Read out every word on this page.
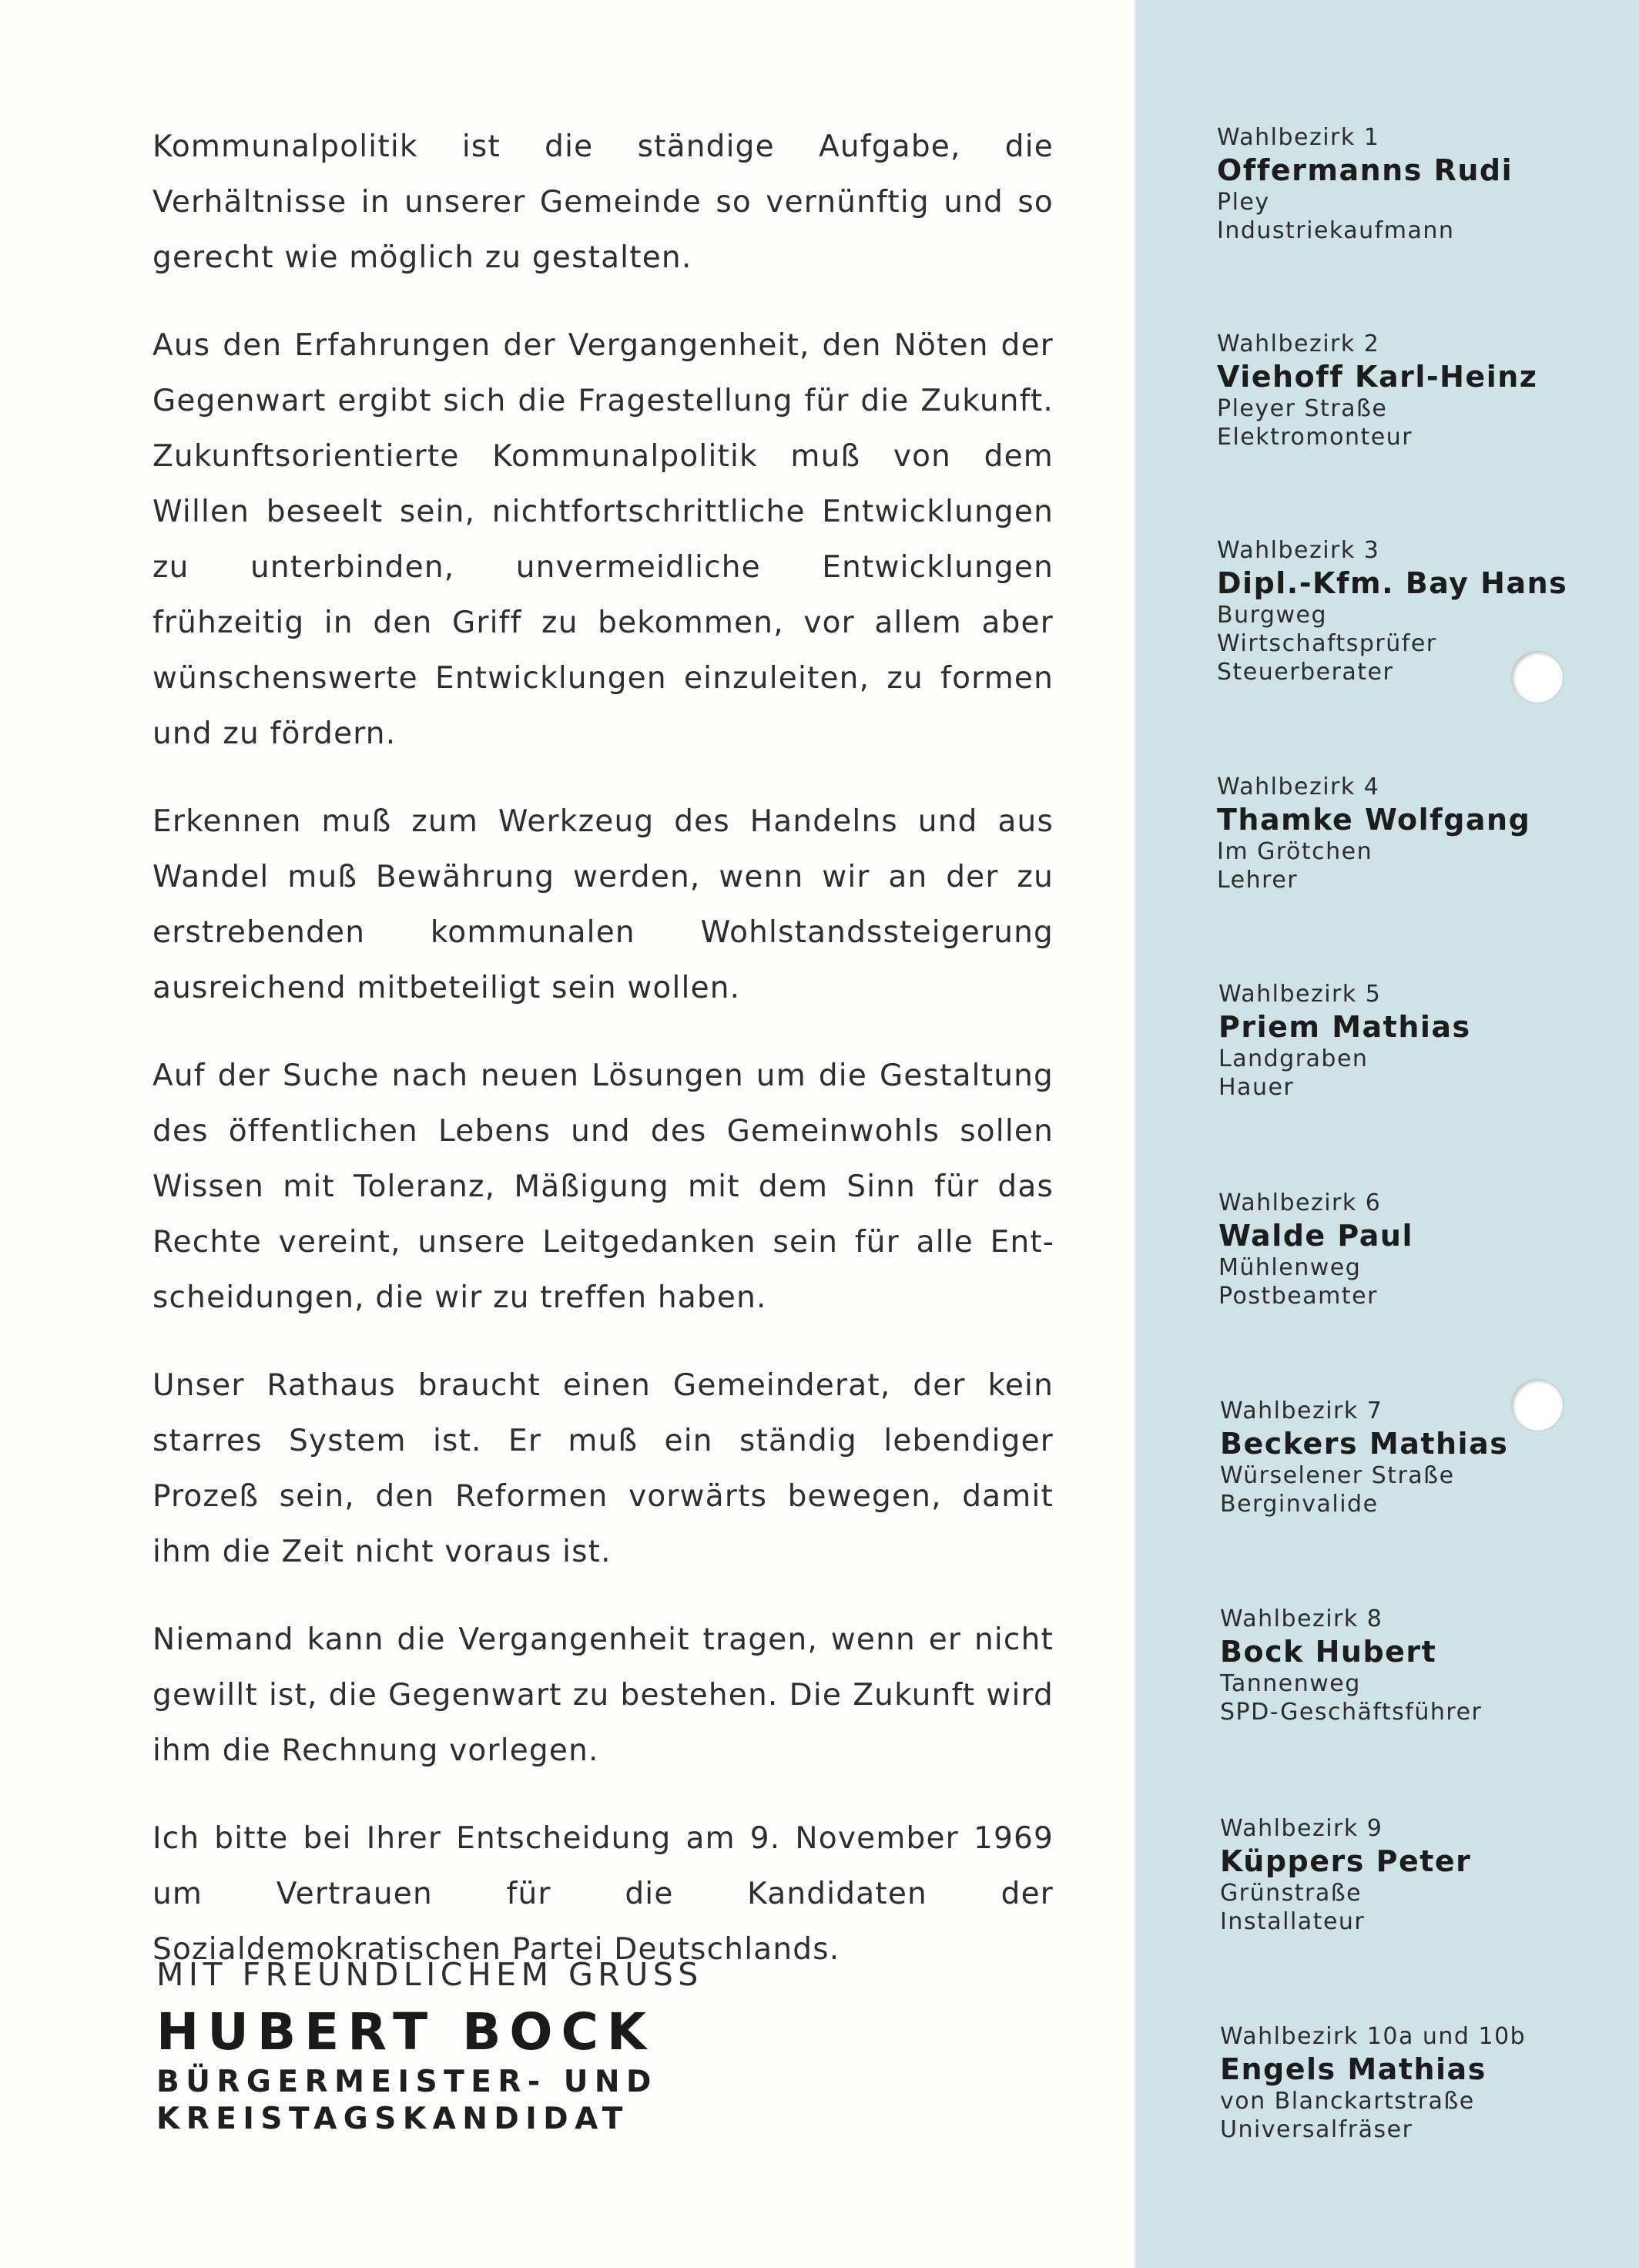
Kommunalpolitik ist die ständige Aufgabe, die Verhältnisse in unserer Gemeinde so vernünftig und so gerecht wie möglich zu gestalten.

Aus den Erfahrungen der Vergangenheit, den Nöten der Gegenwart ergibt sich die Fragestellung für die Zukunft. Zukunftsorientierte Kommunalpolitik muß von dem Willen beseelt sein, nichtfortschrittliche Entwicklungen zu unterbinden, unvermeidliche Entwicklungen frühzeitig in den Griff zu bekommen, vor allem aber wünschenswerte Entwicklungen einzuleiten, zu formen und zu fördern.

Erkennen muß zum Werkzeug des Handelns und aus Wandel muß Bewährung werden, wenn wir an der zu erstrebenden kommunalen Wohlstandssteigerung ausreichend mitbeteiligt sein wollen.

Auf der Suche nach neuen Lösungen um die Gestaltung des öffentlichen Lebens und des Gemeinwohls sollen Wissen mit Toleranz, Mäßigung mit dem Sinn für das Rechte vereint, unsere Leitgedanken sein für alle Entscheidungen, die wir zu treffen haben.

Unser Rathaus braucht einen Gemeinderat, der kein starres System ist. Er muß ein ständig lebendiger Prozeß sein, den Reformen vorwärts bewegen, damit ihm die Zeit nicht voraus ist.

Niemand kann die Vergangenheit tragen, wenn er nicht gewillt ist, die Gegenwart zu bestehen. Die Zukunft wird ihm die Rechnung vorlegen.

Ich bitte bei Ihrer Entscheidung am 9. November 1969 um Vertrauen für die Kandidaten der Sozialdemokratischen Partei Deutschlands.

MIT FREUNDLICHEM GRUSS

HUBERT BOCK

BÜRGERMEISTER- UND

KREISTAGSKANDIDAT

Wahlbezirk 1
Offermanns Rudi
Pley
Industriekaufmann
Wahlbezirk 2
Viehoff Karl-Heinz
Pleyer Straße
Elektromonteur
Wahlbezirk 3
Dipl.-Kfm. Bay Hans
Burgweg
Wirtschaftsprüfer
Steuerberater
Wahlbezirk 4
Thamke Wolfgang
Im Grötchen
Lehrer
Wahlbezirk 5
Priem Mathias
Landgraben
Hauer
Wahlbezirk 6
Walde Paul
Mühlenweg
Postbeamter
Wahlbezirk 7
Beckers Mathias
Würselener Straße
Berginvalide
Wahlbezirk 8
Bock Hubert
Tannenweg
SPD-Geschäftsführer
Wahlbezirk 9
Küppers Peter
Grünstraße
Installateur
Wahlbezirk 10a und 10b
Engels Mathias
von Blanckartstraße
Universalfräser
